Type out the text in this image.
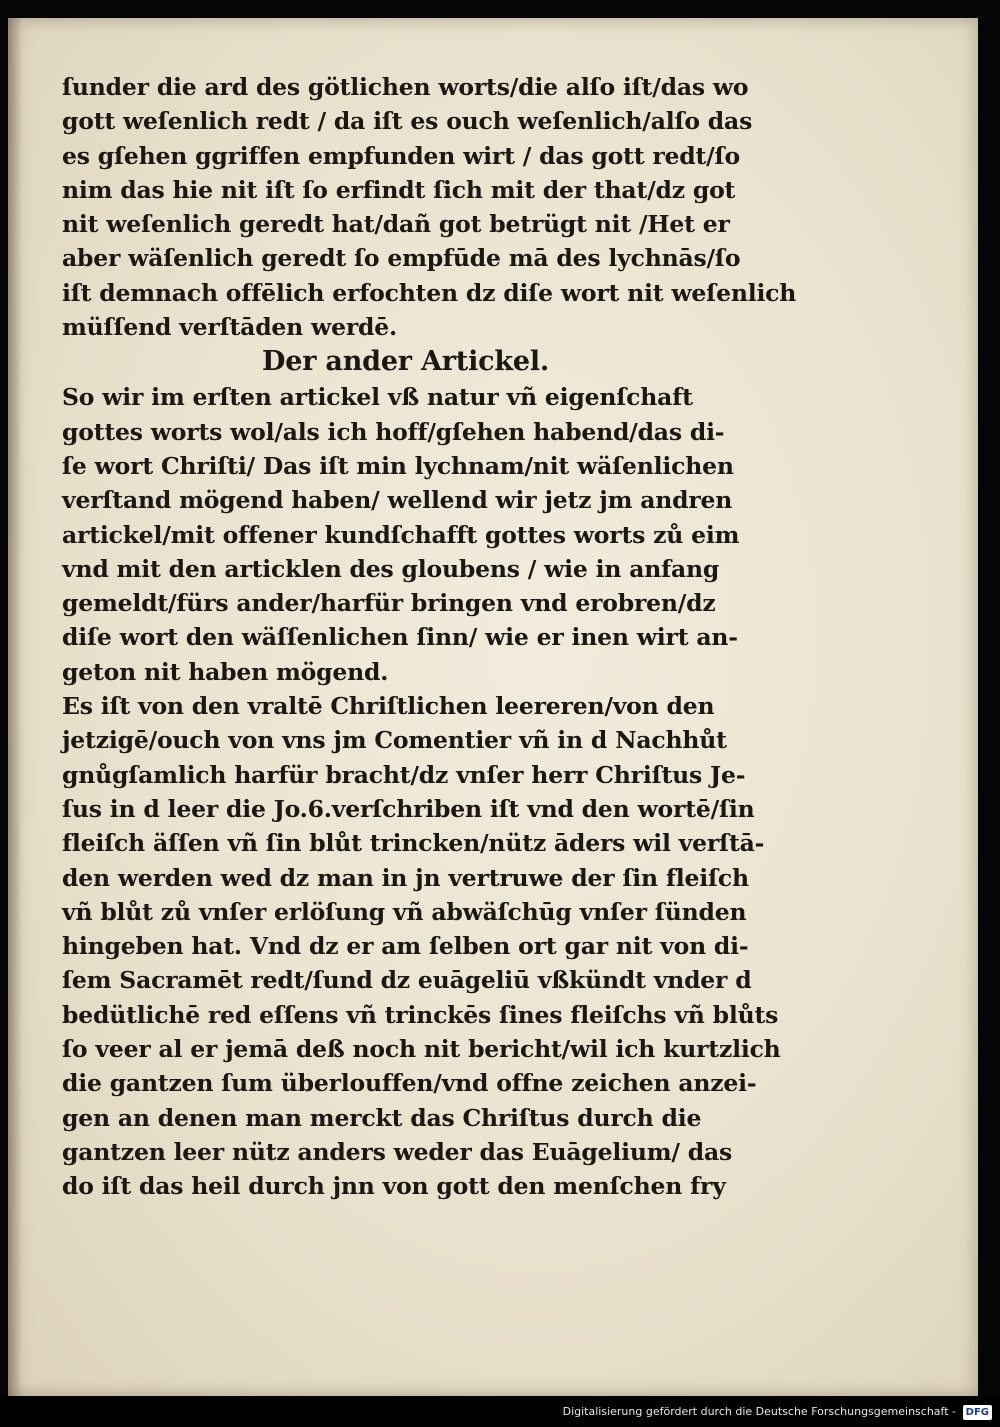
ſunder die ard des götlichen worts/die alſo iſt/das wo
gott weſenlich redt / da iſt es ouch weſenlich/alſo das
es gſehen ggriffen empfunden wirt / das gott redt/ſo
nim das hie nit iſt ſo erfindt ſich mit der that/dz got
nit weſenlich geredt hat/dañ got betrügt nit /Het er
aber wäſenlich geredt ſo empfūde mā des lychnās/ſo
iſt demnach offēlich erfochten dz diſe wort nit weſenlich
müſſend verſtāden werdē.
Der ander Artickel.
So wir im erſten artickel vß natur vñ eigenſchaft
gottes worts wol/als ich hoff/gſehen habend/das di-
ſe wort Chriſti/ Das iſt min lychnam/nit wäſenlichen
verſtand mögend haben/ wellend wir jetz jm andren
artickel/mit offener kundſchafft gottes worts zů eim
vnd mit den articklen des gloubens / wie in anfang
gemeldt/fürs ander/harfür bringen vnd erobren/dz
diſe wort den wäſſenlichen ſinn/ wie er inen wirt an-
geton nit haben mögend.
Es iſt von den vraltē Chriſtlichen leereren/von den
jetzigē/ouch von vns jm Comentier vñ in d Nachhůt
gnůgſamlich harfür bracht/dz vnſer herr Chriſtus Je-
ſus in d leer die Jo.6.verſchriben iſt vnd den wortē/ſin
fleiſch äſſen vñ ſin blůt trincken/nütz āders wil verſtā-
den werden wed dz man in jn vertruwe der ſin fleiſch
vñ blůt zů vnſer erlöſung vñ abwäſchūg vnſer ſünden
hingeben hat. Vnd dz er am ſelben ort gar nit von di-
ſem Sacramēt redt/ſund dz euāgeliū vßkündt vnder d
bedütlichē red eſſens vñ trinckēs ſines fleiſchs vñ blůts
ſo veer al er jemā deß noch nit bericht/wil ich kurtzlich
die gantzen ſum überlouffen/vnd offne zeichen anzei-
gen an denen man merckt das Chriſtus durch die
gantzen leer nütz anders weder das Euāgelium/ das
do iſt das heil durch jnn von gott den menſchen fry
Digitalisierung gefördert durch die Deutsche Forschungsgemeinschaft - DFG
